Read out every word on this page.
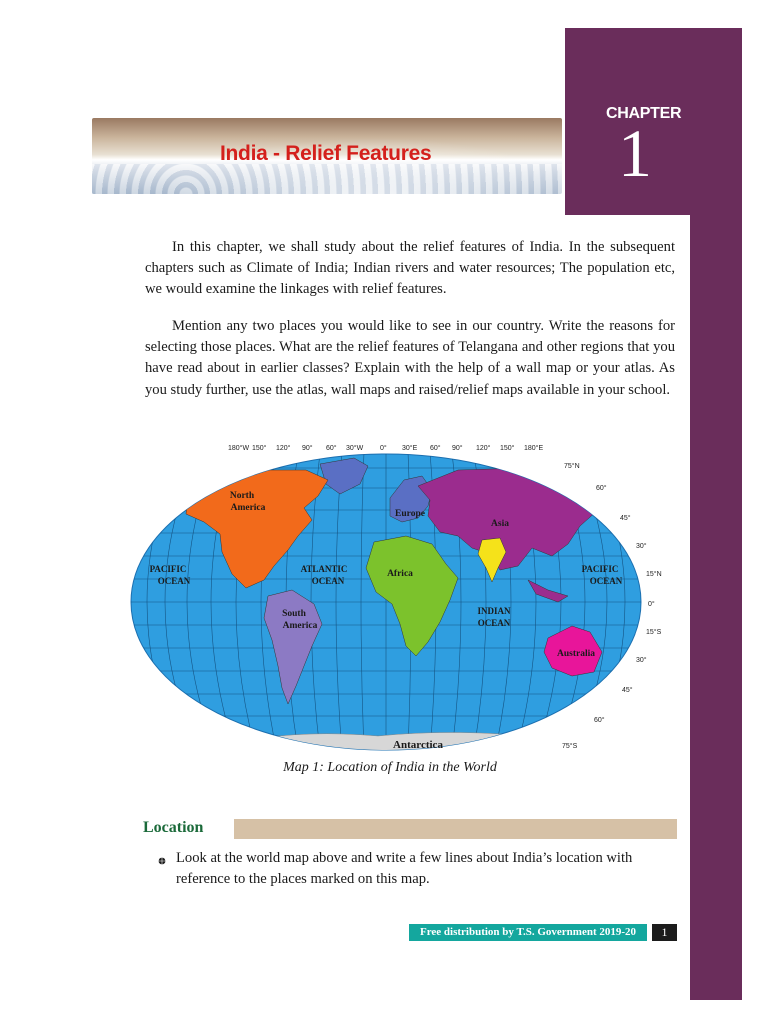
CHAPTER
1
India - Relief Features

In this chapter, we shall study about the relief features of India. In the subsequent chapters such as Climate of India; Indian rivers and water resources; The population etc, we would examine the linkages with relief features.

Mention any two places you would like to see in our country. Write the reasons for selecting those places. What are the relief features of Telangana and other regions that you have read about in earlier classes? Explain with the help of a wall map or your atlas. As you study further, use the atlas, wall maps and raised/relief maps available in your school.

180°W 150° 120° 90° 60° 30°W 0° 30°E 60° 90° 120° 150° 180°E
75°N
60°
45°
30°
15°N
0°
15°S
30°
45°
60°
75°S
North
America
South
America
Europe
Asia
Africa
Australia
Antarctica
PACIFIC
OCEAN
ATLANTIC
OCEAN
INDIAN
OCEAN
PACIFIC
OCEAN
Map 1: Location of India in the World
Location

Look at the world map above and write a few lines about India’s location with reference to the places marked on this map.

Free distribution by T.S. Government 2019-20	1
